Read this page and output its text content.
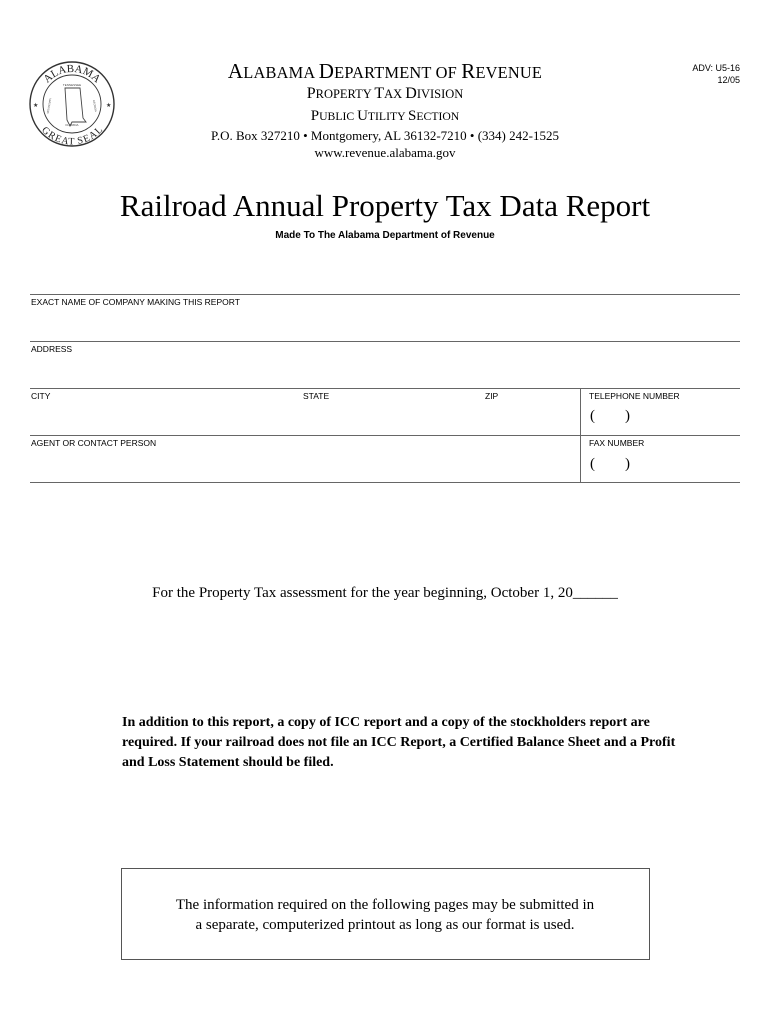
ALABAMA
GREAT SEAL
TENNESSEE
FLORIDA
MISSISSIPPI	GEORGIA
★	★
ALABAMA DEPARTMENT OF REVENUE
PROPERTY TAX DIVISION
PUBLIC UTILITY SECTION
P.O. Box 327210 • Montgomery, AL 36132-7210 • (334) 242-1525
www.revenue.alabama.gov
ADV: U5-16
12/05
Railroad Annual Property Tax Data Report
Made To The Alabama Department of Revenue
EXACT NAME OF COMPANY MAKING THIS REPORT
ADDRESS
CITY	STATE	ZIP	TELEPHONE NUMBER
(        )
AGENT OR CONTACT PERSON	FAX NUMBER
(        )
For the Property Tax assessment for the year beginning, October 1, 20______
In addition to this report, a copy of ICC report and a copy of the stockholders report are required. If your railroad does not file an ICC Report, a Certified Balance Sheet and a Profit and Loss Statement should be filed.
The information required on the following pages may be submitted in
a separate, computerized printout as long as our format is used.
